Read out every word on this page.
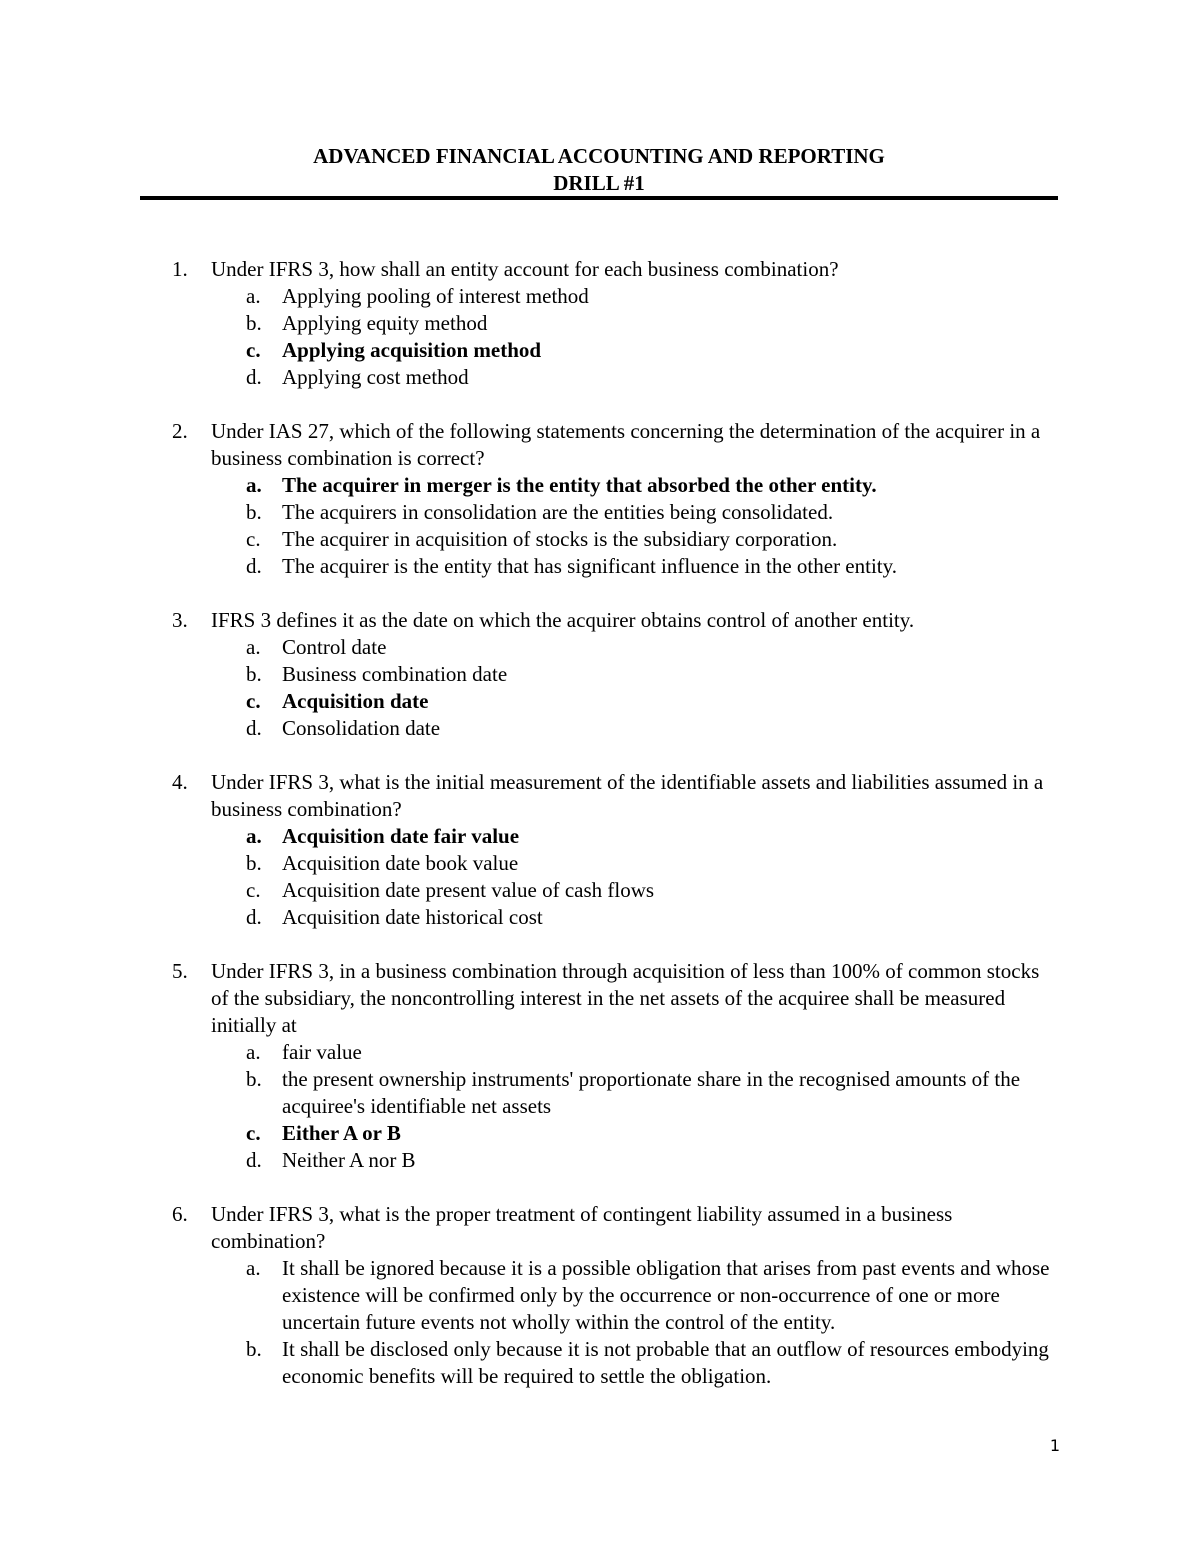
ADVANCED FINANCIAL ACCOUNTING AND REPORTING
DRILL #1
1. Under IFRS 3, how shall an entity account for each business combination?
a. Applying pooling of interest method
b. Applying equity method
c. Applying acquisition method
d. Applying cost method
2. Under IAS 27, which of the following statements concerning the determination of the acquirer in a business combination is correct?
a. The acquirer in merger is the entity that absorbed the other entity.
b. The acquirers in consolidation are the entities being consolidated.
c. The acquirer in acquisition of stocks is the subsidiary corporation.
d. The acquirer is the entity that has significant influence in the other entity.
3. IFRS 3 defines it as the date on which the acquirer obtains control of another entity.
a. Control date
b. Business combination date
c. Acquisition date
d. Consolidation date
4. Under IFRS 3, what is the initial measurement of the identifiable assets and liabilities assumed in a business combination?
a. Acquisition date fair value
b. Acquisition date book value
c. Acquisition date present value of cash flows
d. Acquisition date historical cost
5. Under IFRS 3, in a business combination through acquisition of less than 100% of common stocks of the subsidiary, the noncontrolling interest in the net assets of the acquiree shall be measured initially at
a. fair value
b. the present ownership instruments' proportionate share in the recognised amounts of the acquiree's identifiable net assets
c. Either A or B
d. Neither A nor B
6. Under IFRS 3, what is the proper treatment of contingent liability assumed in a business combination?
a. It shall be ignored because it is a possible obligation that arises from past events and whose existence will be confirmed only by the occurrence or non-occurrence of one or more uncertain future events not wholly within the control of the entity.
b. It shall be disclosed only because it is not probable that an outflow of resources embodying economic benefits will be required to settle the obligation.
1
